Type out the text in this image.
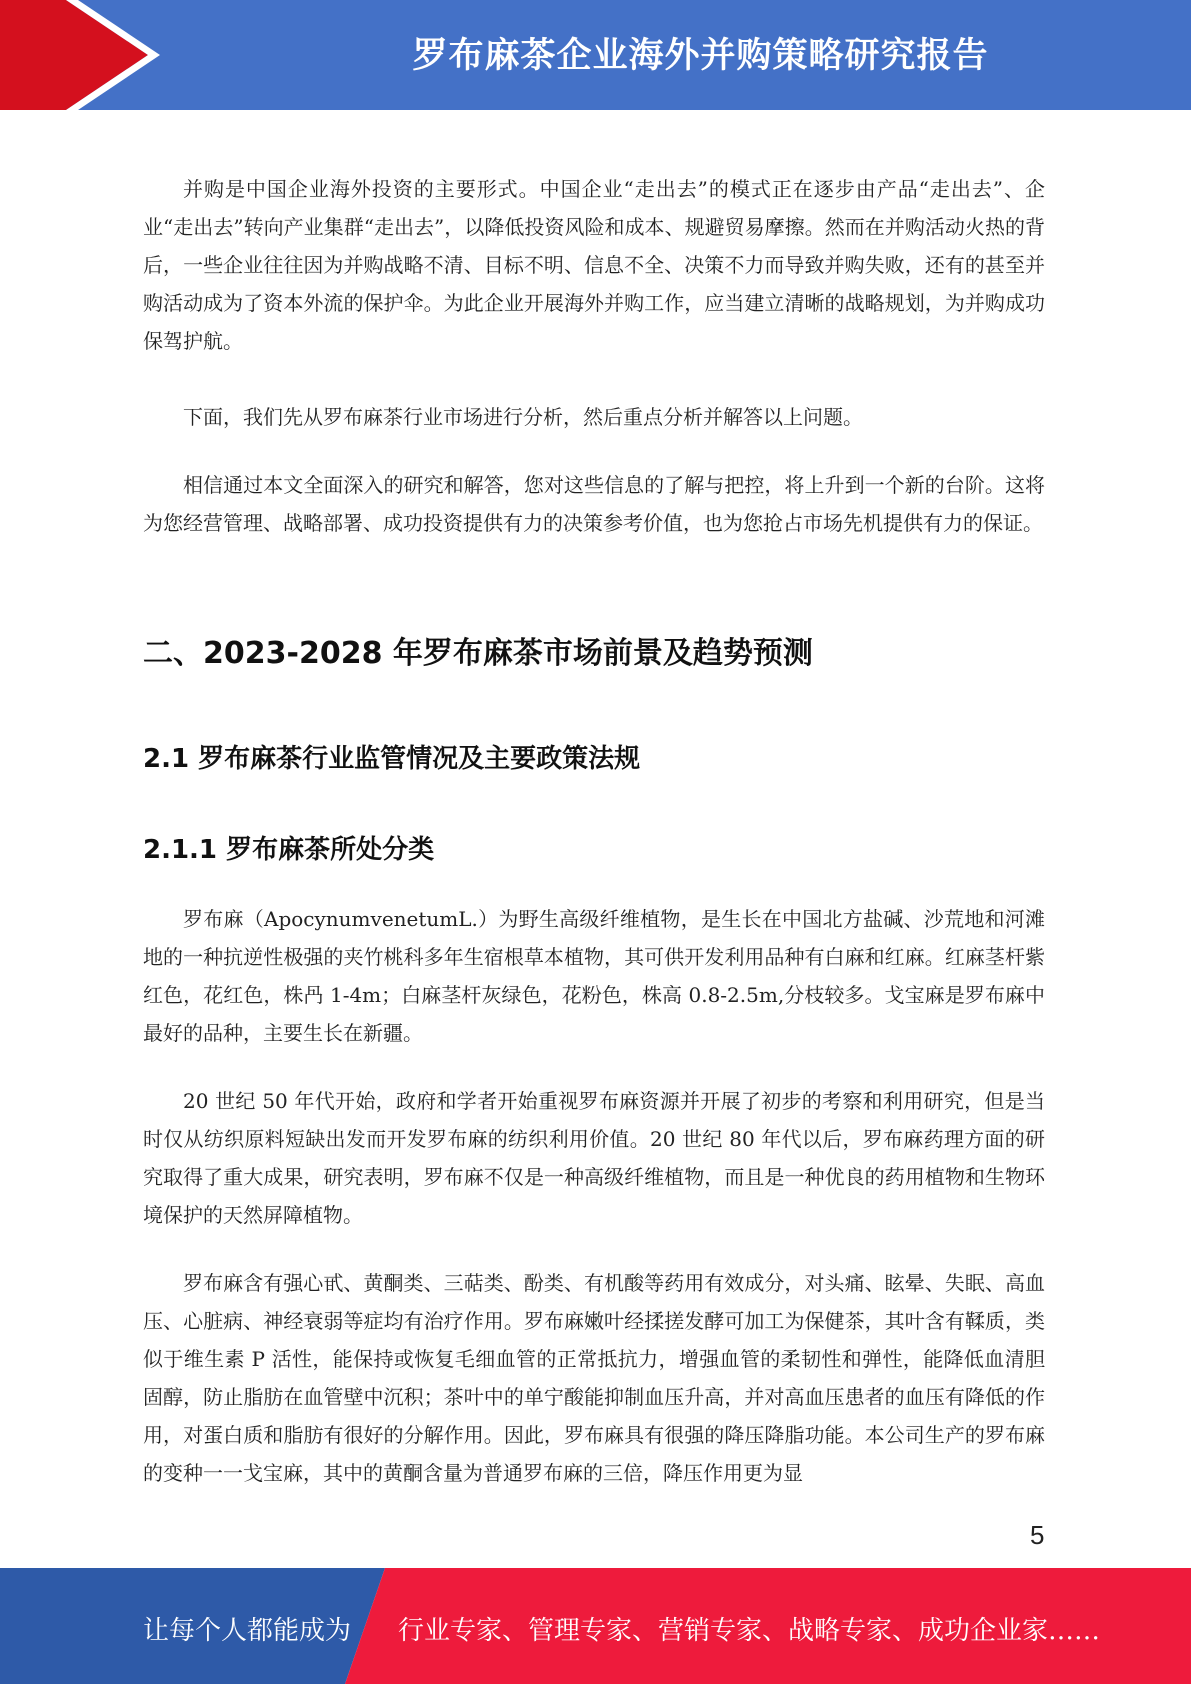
罗布麻茶企业海外并购策略研究报告

并购是中国企业海外投资的主要形式。中国企业“走出去”的模式正在逐步由产品“走出去”、企业“走出去”转向产业集群“走出去”，以降低投资风险和成本、规避贸易摩擦。然而在并购活动火热的背后，一些企业往往因为并购战略不清、目标不明、信息不全、决策不力而导致并购失败，还有的甚至并购活动成为了资本外流的保护伞。为此企业开展海外并购工作，应当建立清晰的战略规划，为并购成功保驾护航。

下面，我们先从罗布麻茶行业市场进行分析，然后重点分析并解答以上问题。

相信通过本文全面深入的研究和解答，您对这些信息的了解与把控，将上升到一个新的台阶。这将为您经营管理、战略部署、成功投资提供有力的决策参考价值，也为您抢占市场先机提供有力的保证。

二、2023-2028 年罗布麻茶市场前景及趋势预测
2.1 罗布麻茶行业监管情况及主要政策法规
2.1.1 罗布麻茶所处分类

罗布麻（ApocynumvenetumL.）为野生高级纤维植物，是生长在中国北方盐碱、沙荒地和河滩地的一种抗逆性极强的夹竹桃科多年生宿根草本植物，其可供开发利用品种有白麻和红麻。红麻茎杆紫红色，花红色，株冎 1-4m；白麻茎杆灰绿色，花粉色，株高 0.8-2.5m,分枝较多。戈宝麻是罗布麻中最好的品种，主要生长在新疆。

20 世纪 50 年代开始，政府和学者开始重视罗布麻资源并开展了初步的考察和利用研究，但是当时仅从纺织原料短缺出发而开发罗布麻的纺织利用价值。20 世纪 80 年代以后，罗布麻药理方面的研究取得了重大成果，研究表明，罗布麻不仅是一种高级纤维植物，而且是一种优良的药用植物和生物环境保护的天然屏障植物。

罗布麻含有强心甙、黄酮类、三萜类、酚类、有机酸等药用有效成分，对头痛、眩晕、失眠、高血压、心脏病、神经衰弱等症均有治疗作用。罗布麻嫩叶经揉搓发酵可加工为保健茶，其叶含有鞣质，类似于维生素 P 活性，能保持或恢复毛细血管的正常抵抗力，增强血管的柔韧性和弹性，能降低血清胆固醇，防止脂肪在血管壁中沉积；茶叶中的单宁酸能抑制血压升高，并对高血压患者的血压有降低的作用，对蛋白质和脂肪有很好的分解作用。因此，罗布麻具有很强的降压降脂功能。本公司生产的罗布麻的变种一一戈宝麻，其中的黄酮含量为普通罗布麻的三倍，降压作用更为显

5
让每个人都能成为 行业专家、管理专家、营销专家、战略专家、成功企业家……
